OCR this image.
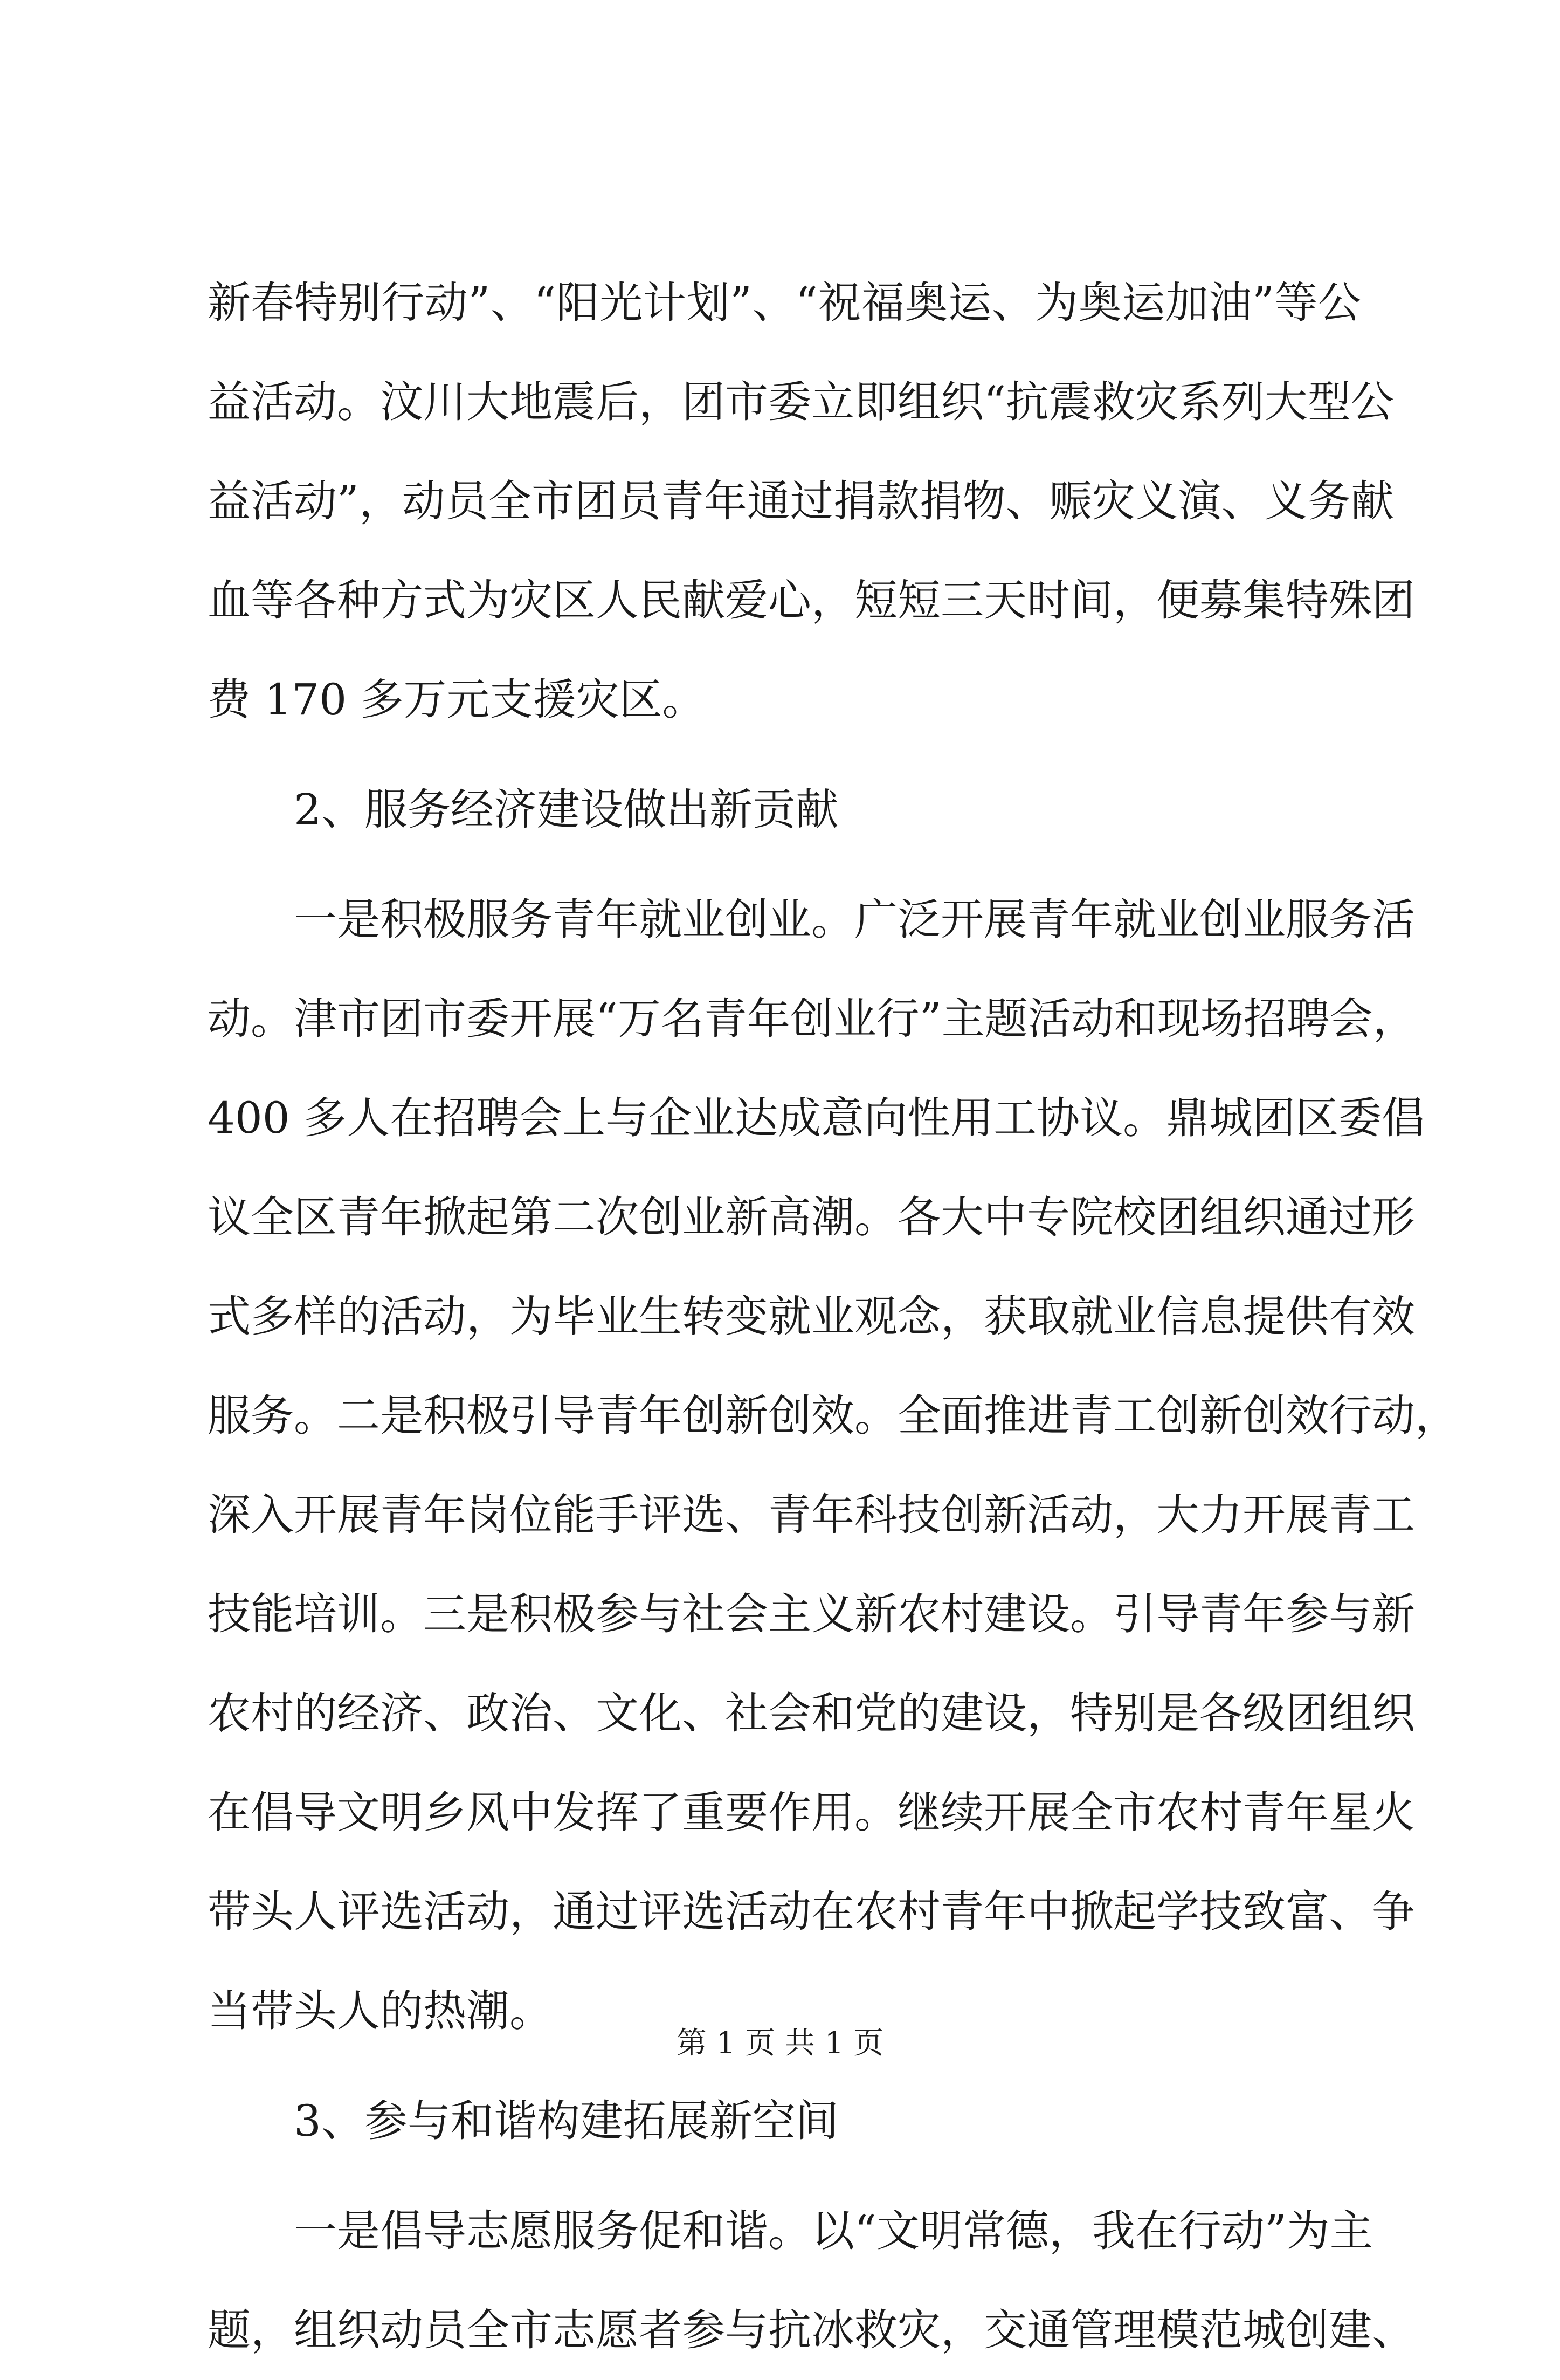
新春特别行动”、“阳光计划”、“祝福奥运、为奥运加油”等公
益活动。汶川大地震后，团市委立即组织“抗震救灾系列大型公
益活动”，动员全市团员青年通过捐款捐物、赈灾义演、义务献
血等各种方式为灾区人民献爱心，短短三天时间，便募集特殊团
费 170 多万元支援灾区。
2、服务经济建设做出新贡献
一是积极服务青年就业创业。广泛开展青年就业创业服务活
动。津市团市委开展“万名青年创业行”主题活动和现场招聘会，
400 多人在招聘会上与企业达成意向性用工协议。鼎城团区委倡
议全区青年掀起第二次创业新高潮。各大中专院校团组织通过形
式多样的活动，为毕业生转变就业观念，获取就业信息提供有效
服务。二是积极引导青年创新创效。全面推进青工创新创效行动，
深入开展青年岗位能手评选、青年科技创新活动，大力开展青工
技能培训。三是积极参与社会主义新农村建设。引导青年参与新
农村的经济、政治、文化、社会和党的建设，特别是各级团组织
在倡导文明乡风中发挥了重要作用。继续开展全市农村青年星火
带头人评选活动，通过评选活动在农村青年中掀起学技致富、争
当带头人的热潮。
3、参与和谐构建拓展新空间
一是倡导志愿服务促和谐。以“文明常德，我在行动”为主
题，组织动员全市志愿者参与抗冰救灾，交通管理模范城创建、
第 1 页 共 1 页
